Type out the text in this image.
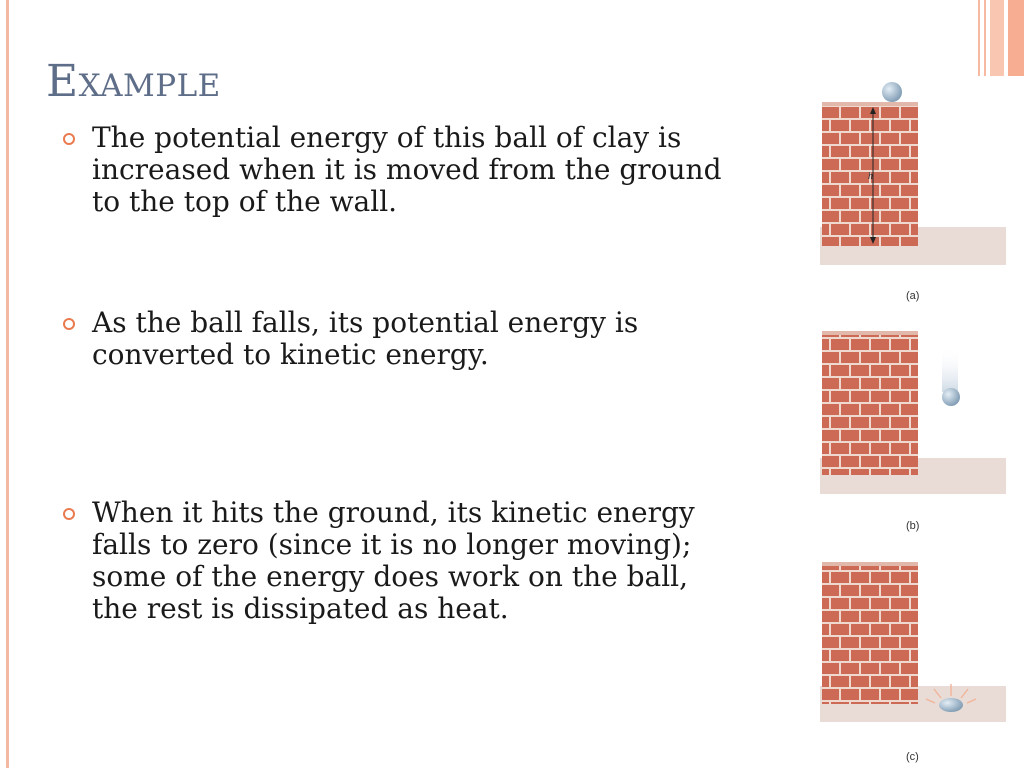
Example
The potential energy of this ball of clay is increased when it is moved from the ground to the top of the wall.
As the ball falls, its potential energy is converted to kinetic energy.
When it hits the ground, its kinetic energy falls to zero (since it is no longer moving); some of the energy does work on the ball, the rest is dissipated as heat.
h
(a)
(b)
(c)
